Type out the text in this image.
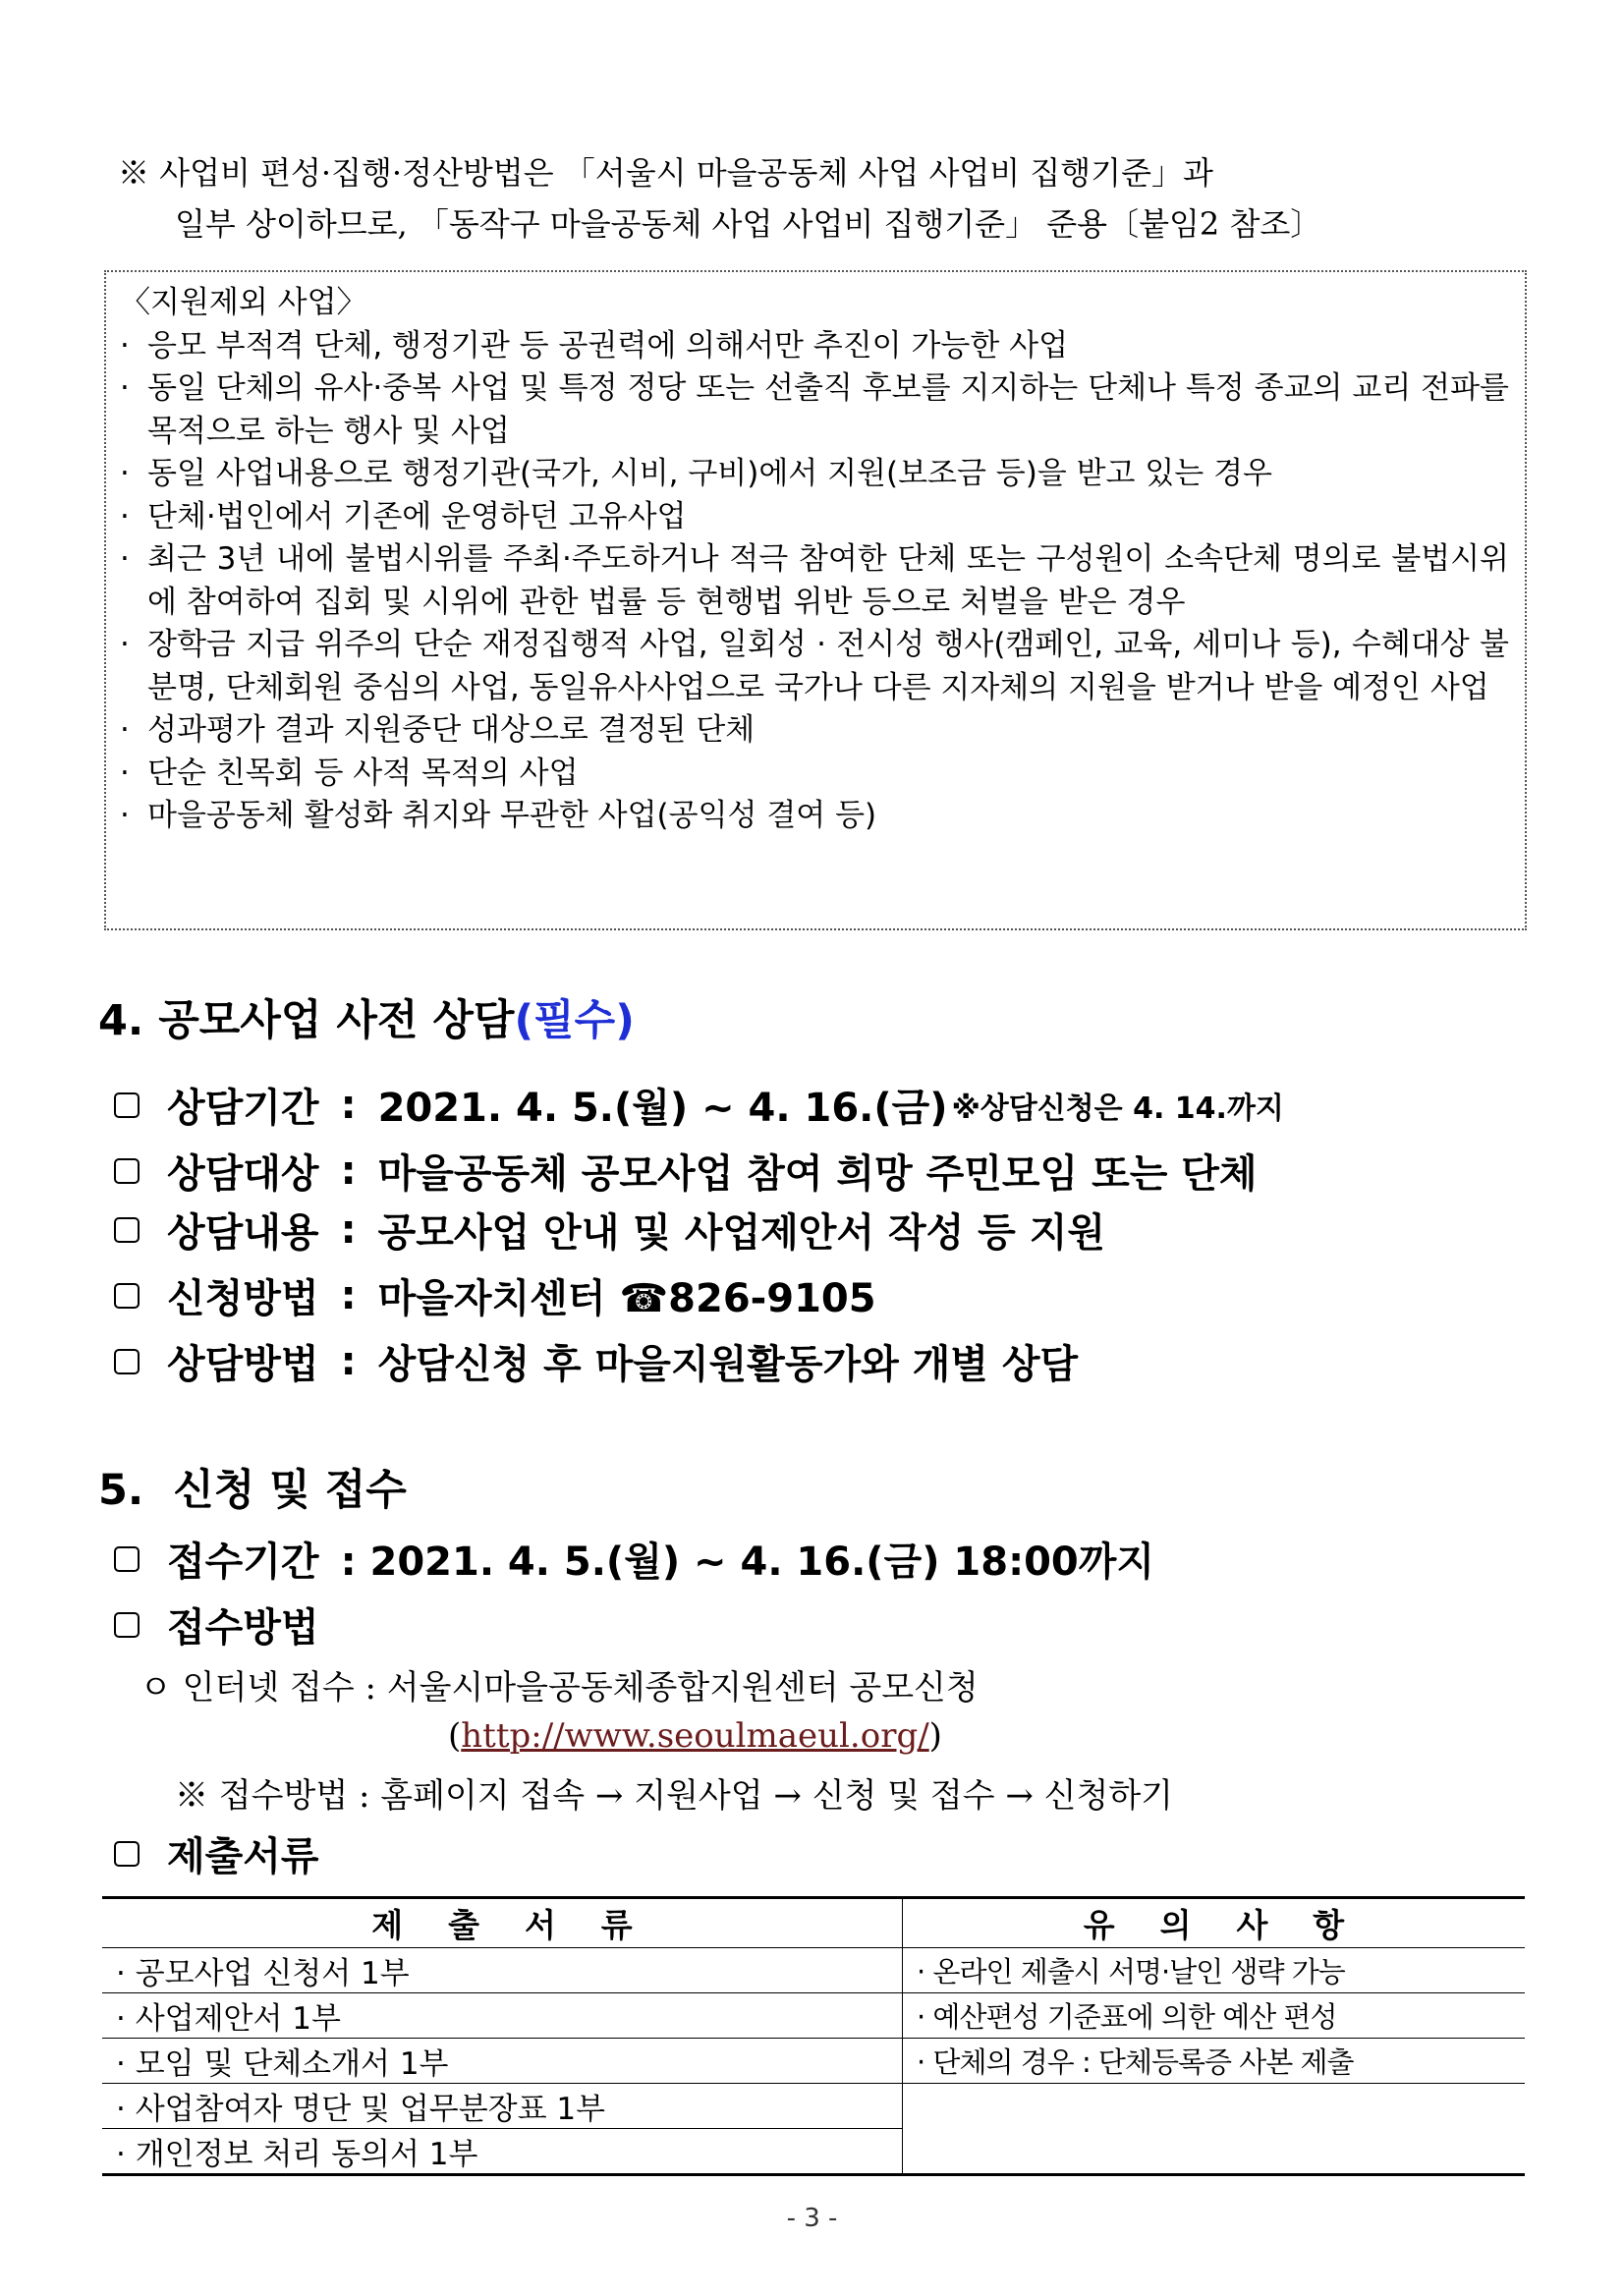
※ 사업비 편성·집행·정산방법은 「서울시 마을공동체 사업 사업비 집행기준」과
일부 상이하므로, 「동작구 마을공동체 사업 사업비 집행기준」 준용〔붙임2 참조〕
〈지원제외 사업〉
· 응모 부적격 단체, 행정기관 등 공권력에 의해서만 추진이 가능한 사업
· 동일 단체의 유사·중복 사업 및 특정 정당 또는 선출직 후보를 지지하는 단체나 특정 종교의 교리 전파를 목적으로 하는 행사 및 사업
· 동일 사업내용으로 행정기관(국가, 시비, 구비)에서 지원(보조금 등)을 받고 있는 경우
· 단체·법인에서 기존에 운영하던 고유사업
· 최근 3년 내에 불법시위를 주최·주도하거나 적극 참여한 단체 또는 구성원이 소속단체 명의로 불법시위에 참여하여 집회 및 시위에 관한 법률 등 현행법 위반 등으로 처벌을 받은 경우
· 장학금 지급 위주의 단순 재정집행적 사업, 일회성 · 전시성 행사(캠페인, 교육, 세미나 등), 수혜대상 불분명, 단체회원 중심의 사업, 동일유사사업으로 국가나 다른 지자체의 지원을 받거나 받을 예정인 사업
· 성과평가 결과 지원중단 대상으로 결정된 단체
· 단순 친목회 등 사적 목적의 사업
· 마을공동체 활성화 취지와 무관한 사업(공익성 결여 등)
4. 공모사업 사전 상담(필수)
상담기간 : 2021. 4. 5.(월) ~ 4. 16.(금) ※상담신청은 4. 14.까지
상담대상 : 마을공동체 공모사업 참여 희망 주민모임 또는 단체
상담내용 : 공모사업 안내 및 사업제안서 작성 등 지원
신청방법 : 마을자치센터 ☎826-9105
상담방법 : 상담신청 후 마을지원활동가와 개별 상담
5.  신청 및 접수
접수기간 : 2021. 4. 5.(월) ~ 4. 16.(금) 18:00까지
접수방법
ㅇ 인터넷 접수 : 서울시마을공동체종합지원센터 공모신청
(http://www.seoulmaeul.org/)
※ 접수방법 : 홈페이지 접속 → 지원사업 → 신청 및 접수 → 신청하기
제출서류
제    출    서    류	유    의    사    항
· 공모사업 신청서 1부	· 온라인 제출시 서명·날인 생략 가능
· 사업제안서 1부	· 예산편성 기준표에 의한 예산 편성
· 모임 및 단체소개서 1부	· 단체의 경우 : 단체등록증 사본 제출
· 사업참여자 명단 및 업무분장표 1부	
· 개인정보 처리 동의서 1부	
- 3 -
